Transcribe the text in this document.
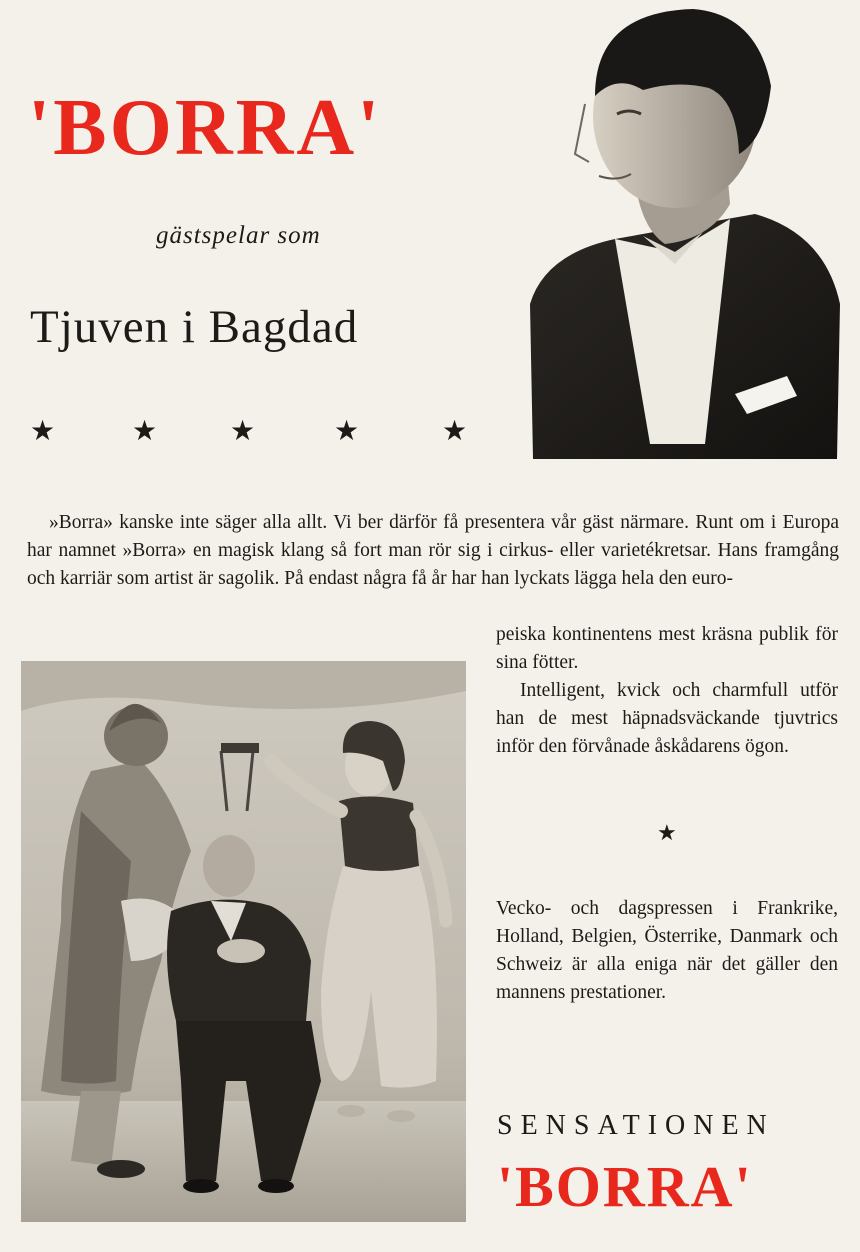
'BORRA'
gästspelar som
Tjuven i Bagdad
★	★	★	★	★

»Borra» kanske inte säger alla allt. Vi ber därför få presentera vår gäst närmare. Runt om i Europa har namnet »Borra» en magisk klang så fort man rör sig i cirkus- eller varietékretsar. Hans framgång och karriär som artist är sagolik. På endast några få år har han lyckats lägga hela den euro-

peiska kontinentens mest kräsna publik för sina fötter.

Intelligent, kvick och charmfull utför han de mest häpnadsväckande tjuvtrics inför den förvånade åskådarens ögon.

★

Vecko- och dagspressen i Frankrike, Holland, Belgien, Österrike, Danmark och Schweiz är alla eniga när det gäller den mannens prestationer.

SENSATIONEN
'BORRA'
